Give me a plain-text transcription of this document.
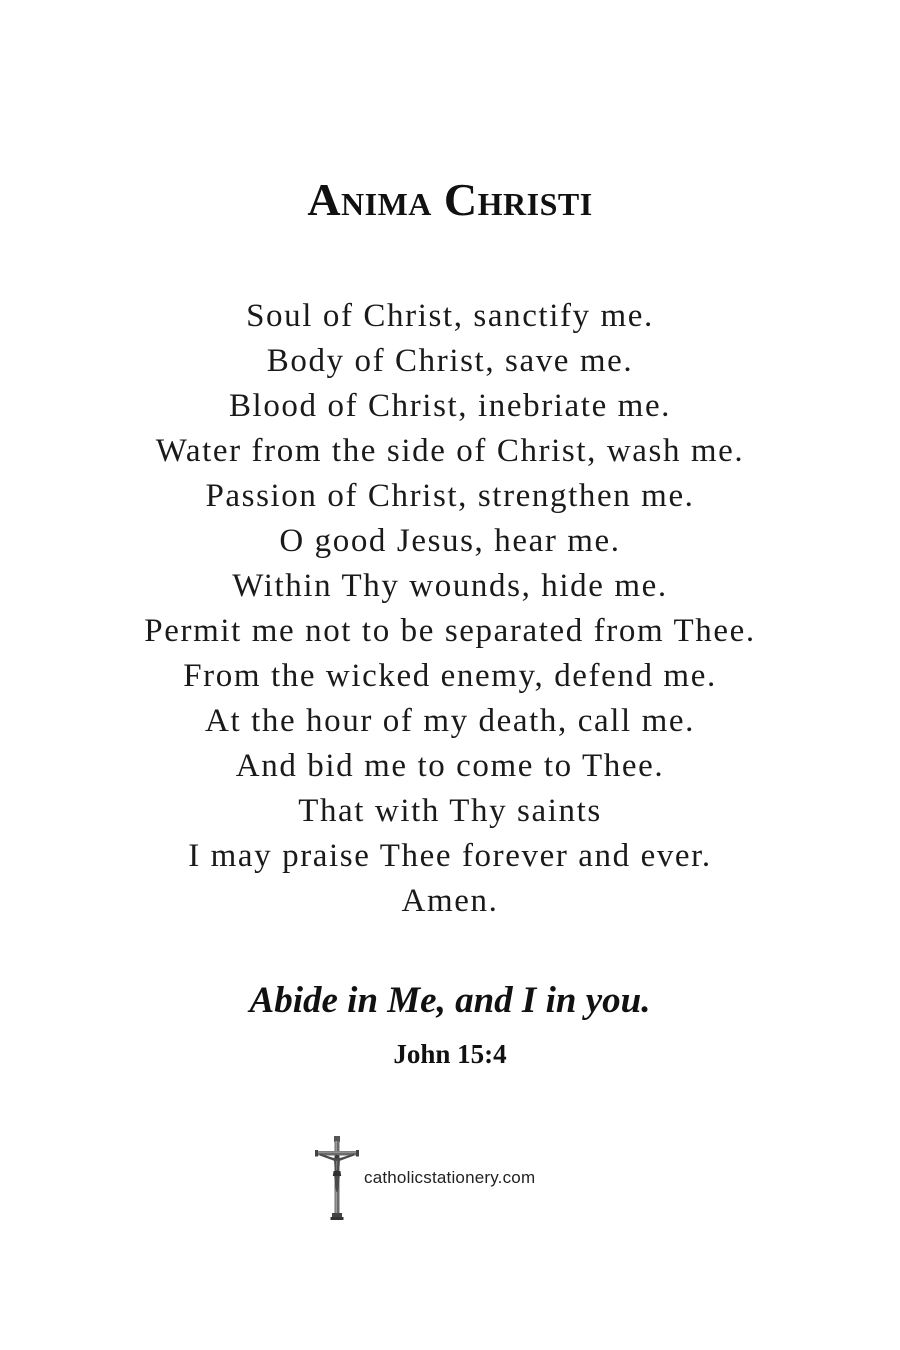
Anima Christi
Soul of Christ, sanctify me.
Body of Christ, save me.
Blood of Christ, inebriate me.
Water from the side of Christ, wash me.
Passion of Christ, strengthen me.
O good Jesus, hear me.
Within Thy wounds, hide me.
Permit me not to be separated from Thee.
From the wicked enemy, defend me.
At the hour of my death, call me.
And bid me to come to Thee.
That with Thy saints
I may praise Thee forever and ever.
Amen.
Abide in Me, and I in you.
John 15:4
catholicstationery.com
